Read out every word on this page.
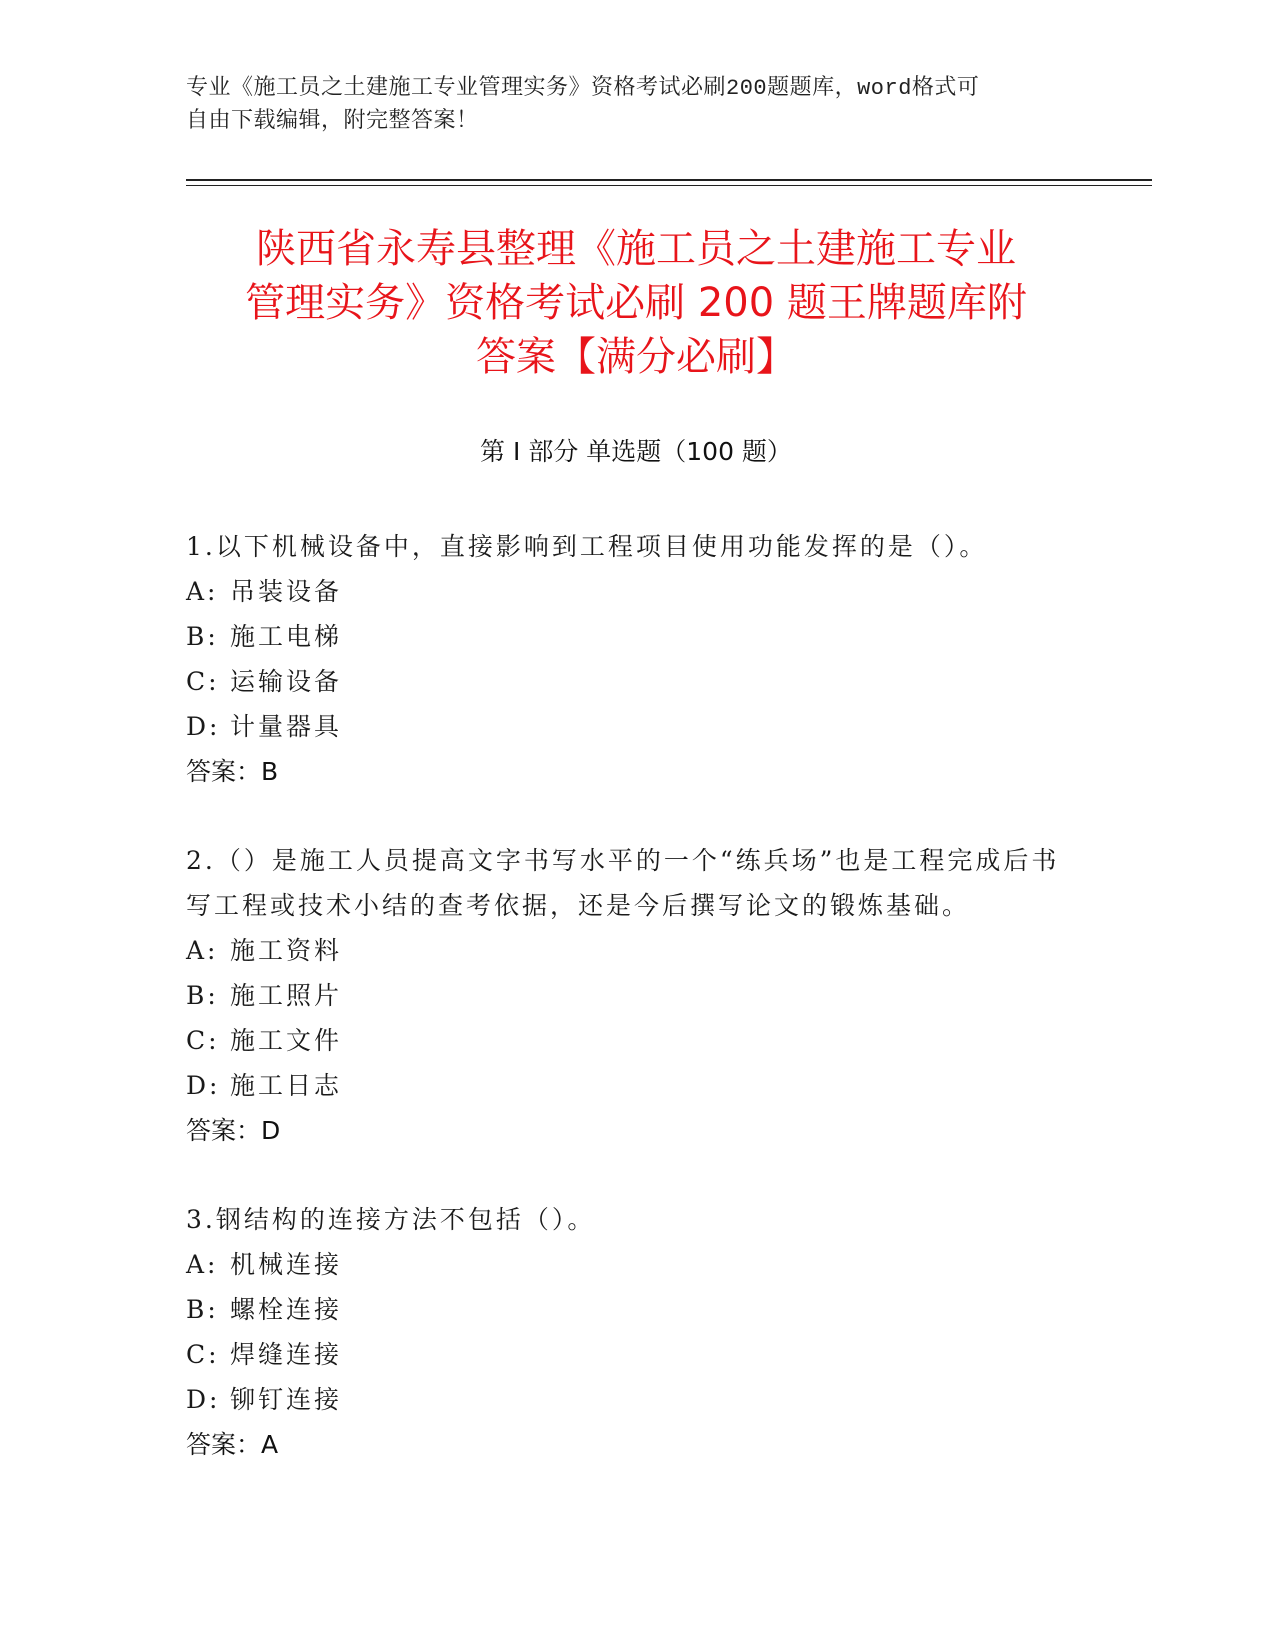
专业《施工员之土建施工专业管理实务》资格考试必刷200题题库，word格式可
自由下载编辑，附完整答案！
陕西省永寿县整理《施工员之土建施工专业
管理实务》资格考试必刷 200 题王牌题库附
答案【满分必刷】
第 I 部分 单选题（100 题）
1.以下机械设备中，直接影响到工程项目使用功能发挥的是（）。
A: 吊装设备
B: 施工电梯
C: 运输设备
D: 计量器具
答案：B
2.（）是施工人员提高文字书写水平的一个“练兵场”也是工程完成后书写工程或技术小结的查考依据，还是今后撰写论文的锻炼基础。
A: 施工资料
B: 施工照片
C: 施工文件
D: 施工日志
答案：D
3.钢结构的连接方法不包括（）。
A: 机械连接
B: 螺栓连接
C: 焊缝连接
D: 铆钉连接
答案：A
